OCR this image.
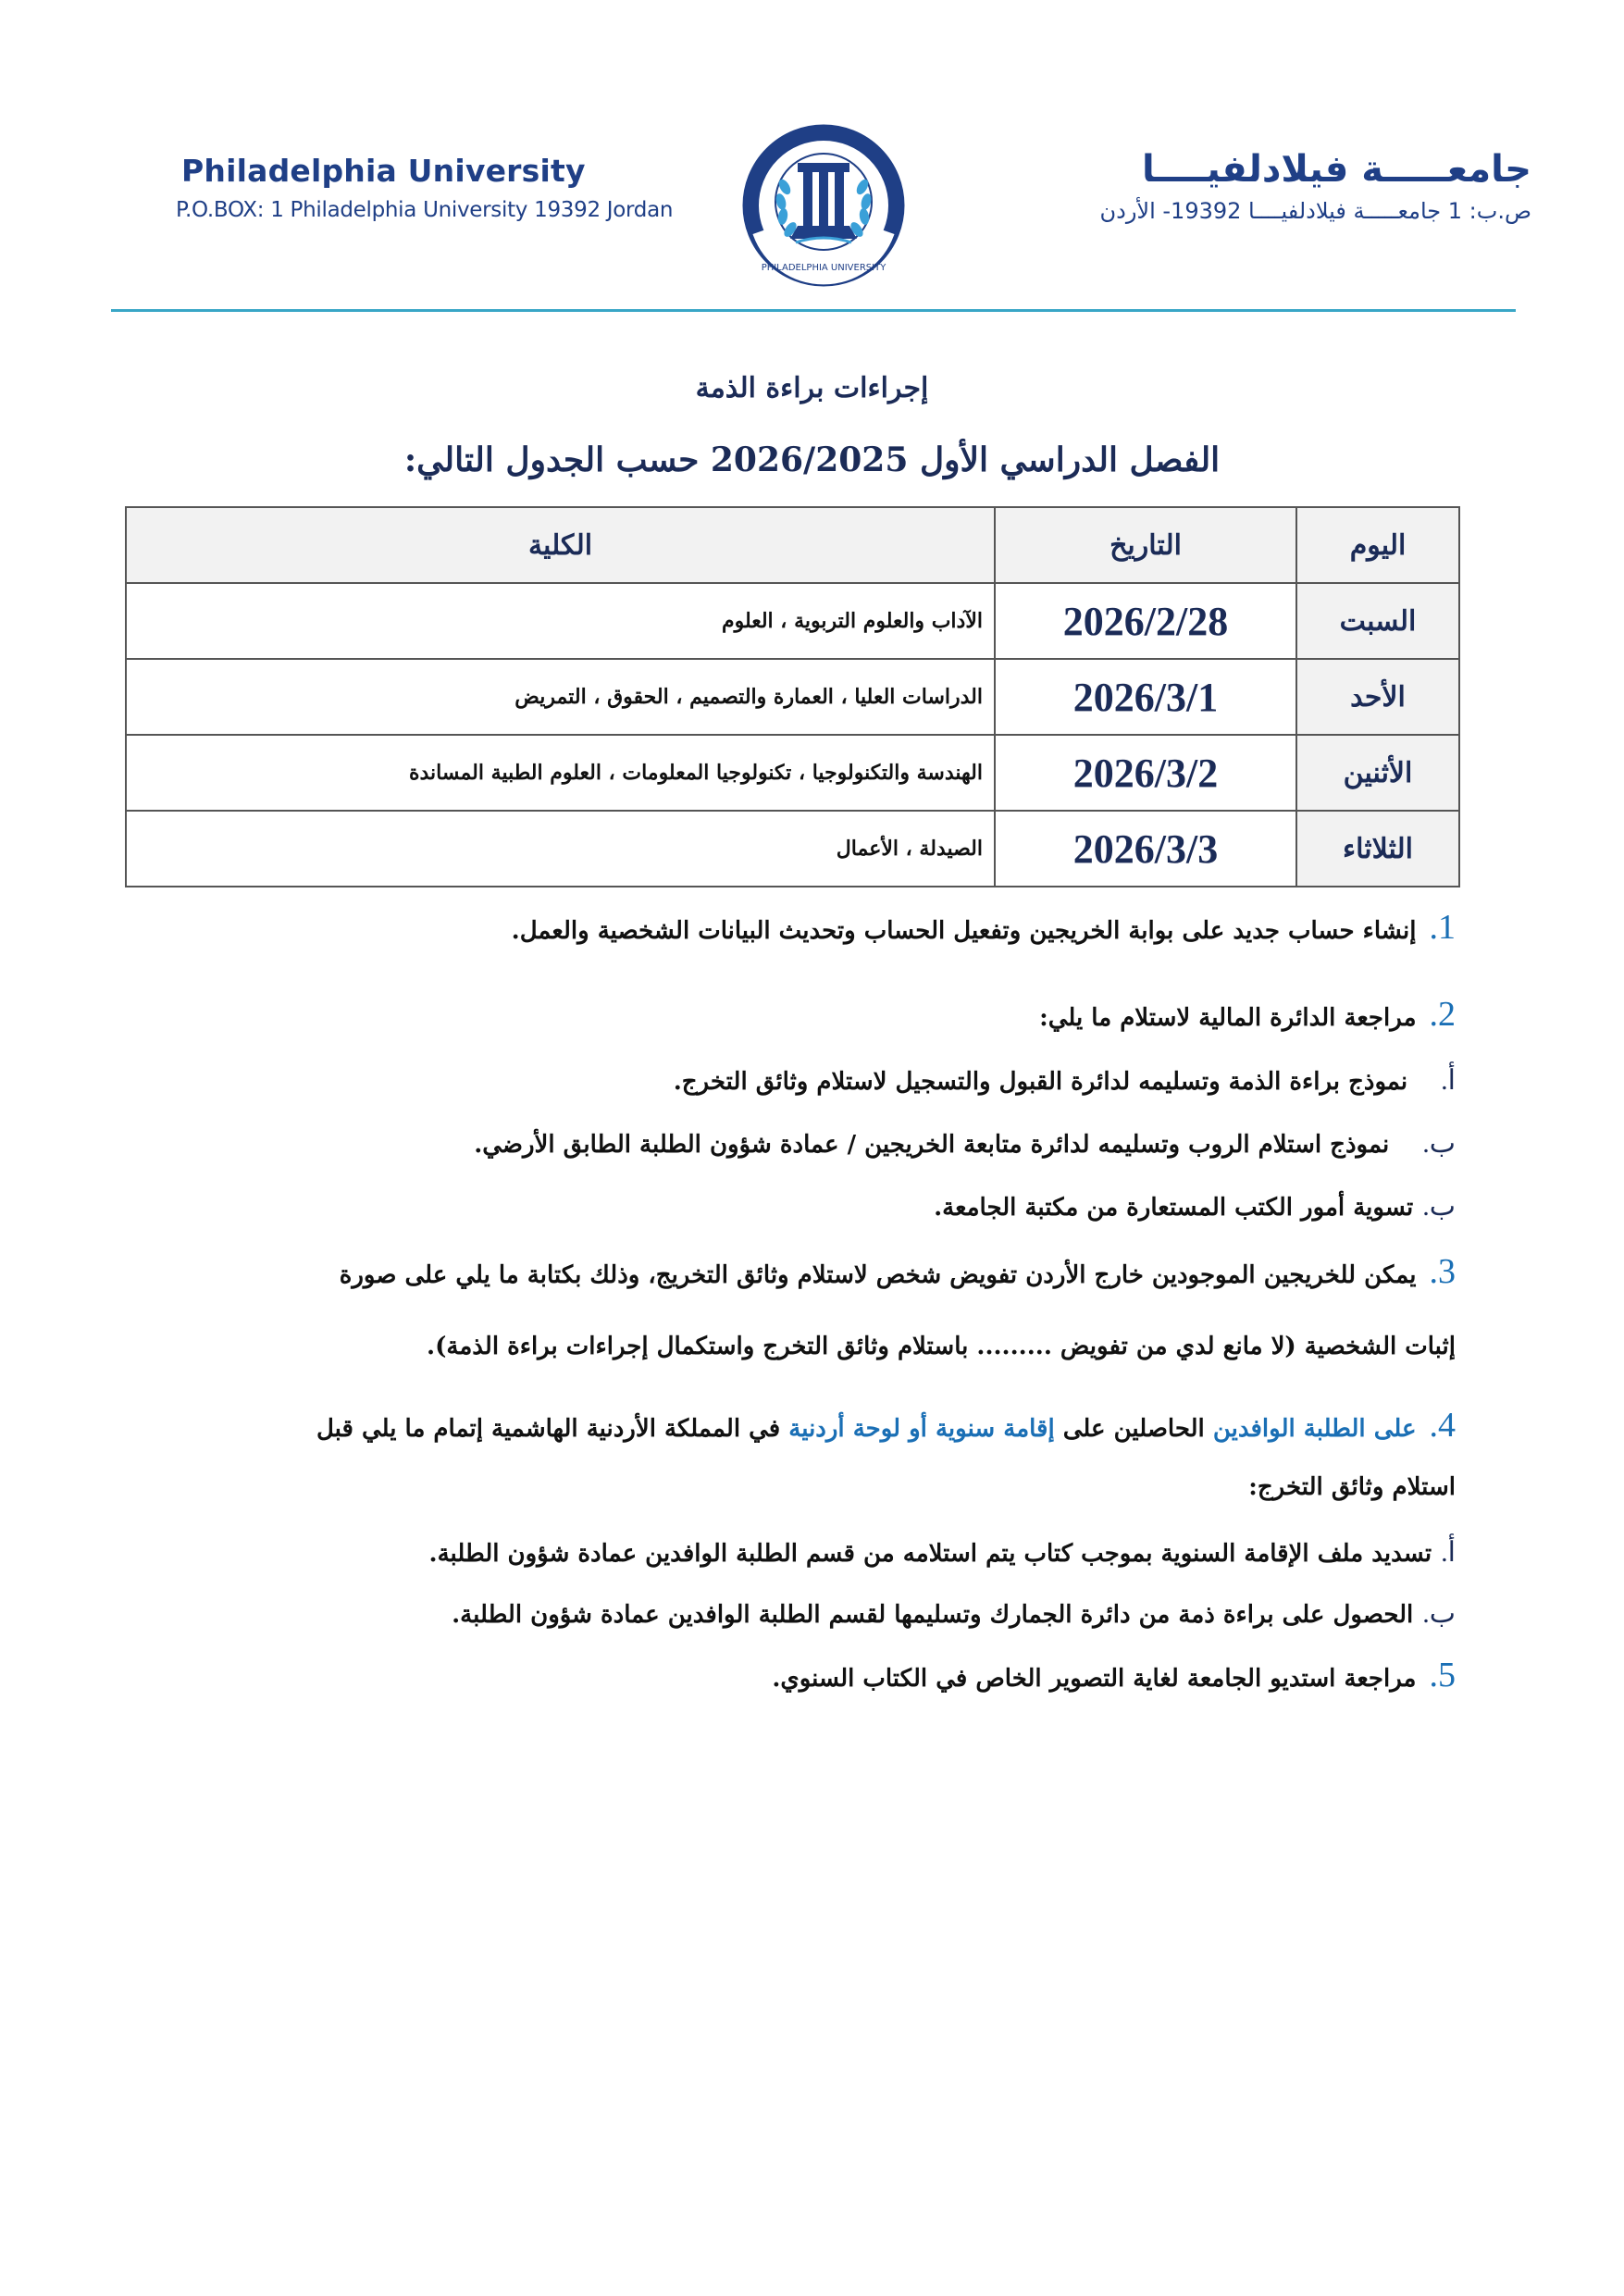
Philadelphia University
P.O.BOX: 1 Philadelphia University 19392 Jordan
PHILADELPHIA UNIVERSITY
جامعـــــة فيلادلفيــــا
ص.ب: 1 جامعـــــة فيلادلفيــــا 19392- الأردن
إجراءات براءة الذمة
الفصل الدراسي الأول 2026/2025 حسب الجدول التالي:
اليوم	التاريخ	الكلية
السبت	2026/2/28	الآداب والعلوم التربوية ، العلوم
الأحد	2026/3/1	الدراسات العليا ، العمارة والتصميم ، الحقوق ، التمريض
الأثنين	2026/3/2	الهندسة والتكنولوجيا ، تكنولوجيا المعلومات ، العلوم الطبية المساندة
الثلاثاء	2026/3/3	الصيدلة ، الأعمال
1.إنشاء حساب جديد على بوابة الخريجين وتفعيل الحساب وتحديث البيانات الشخصية والعمل.
2.مراجعة الدائرة المالية لاستلام ما يلي:
أ.نموذج براءة الذمة وتسليمه لدائرة القبول والتسجيل لاستلام وثائق التخرج.
ب.نموذج استلام الروب وتسليمه لدائرة متابعة الخريجين / عمادة شؤون الطلبة الطابق الأرضي.
ب.تسوية أمور الكتب المستعارة من مكتبة الجامعة.
3.يمكن للخريجين الموجودين خارج الأردن تفويض شخص لاستلام وثائق التخريج، وذلك بكتابة ما يلي على صورة
إثبات الشخصية (لا مانع لدي من تفويض ......... باستلام وثائق التخرج واستكمال إجراءات براءة الذمة).
4.على الطلبة الوافدين الحاصلين على إقامة سنوية أو لوحة أردنية في المملكة الأردنية الهاشمية إتمام ما يلي قبل
استلام وثائق التخرج:
أ.تسديد ملف الإقامة السنوية بموجب كتاب يتم استلامه من قسم الطلبة الوافدين عمادة شؤون الطلبة.
ب.الحصول على براءة ذمة من دائرة الجمارك وتسليمها لقسم الطلبة الوافدين عمادة شؤون الطلبة.
5.مراجعة استديو الجامعة لغاية التصوير الخاص في الكتاب السنوي.
